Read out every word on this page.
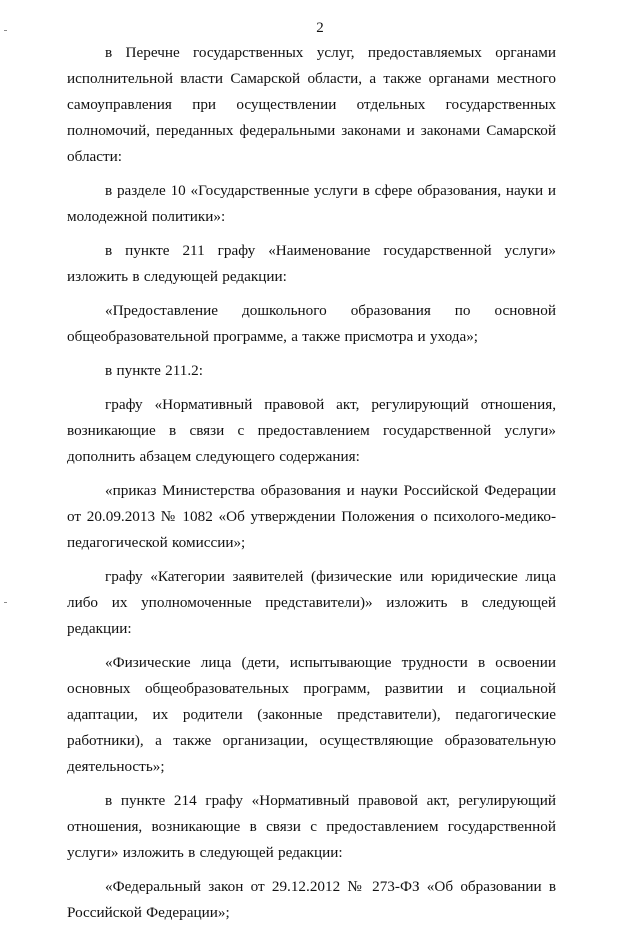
2

в Перечне государственных услуг, предоставляемых органами исполнительной власти Самарской области, а также органами местного самоуправления при осуществлении отдельных государственных полномочий, переданных федеральными законами и законами Самарской области:

в разделе 10 «Государственные услуги в сфере образования, науки и молодежной политики»:

в пункте 211 графу «Наименование государственной услуги» изложить в следующей редакции:

«Предоставление дошкольного образования по основной общеобразовательной программе, а также присмотра и ухода»;

в пункте 211.2:

графу «Нормативный правовой акт, регулирующий отношения, возникающие в связи с предоставлением государственной услуги» дополнить абзацем следующего содержания:

«приказ Министерства образования и науки Российской Федерации от 20.09.2013 № 1082 «Об утверждении Положения о психолого-медико-педагогической комиссии»;

графу «Категории заявителей (физические или юридические лица либо их уполномоченные представители)» изложить в следующей редакции:

«Физические лица (дети, испытывающие трудности в освоении основных общеобразовательных программ, развитии и социальной адаптации, их родители (законные представители), педагогические работники), а также организации, осуществляющие образовательную деятельность»;

в пункте 214 графу «Нормативный правовой акт, регулирующий отношения, возникающие в связи с предоставлением государственной услуги» изложить в следующей редакции:

«Федеральный закон от 29.12.2012 № 273-ФЗ «Об образовании в Российской Федерации»;
